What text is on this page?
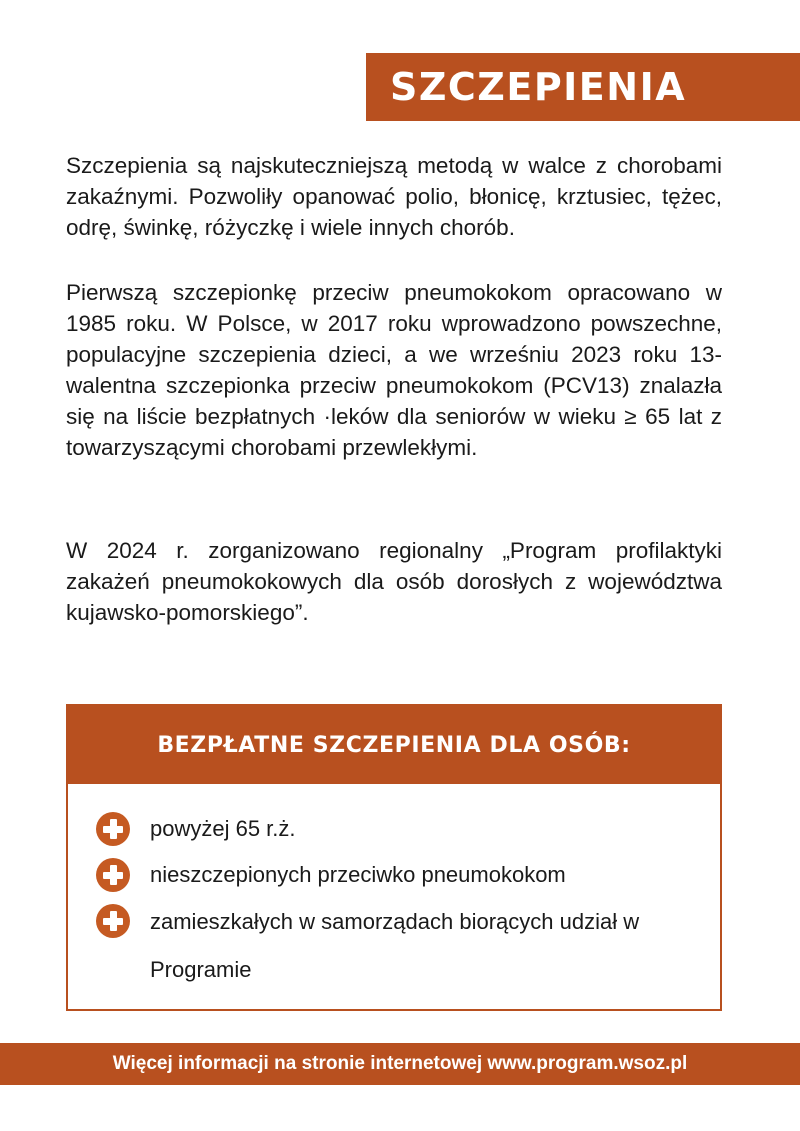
SZCZEPIENIA

Szczepienia są najskuteczniejszą metodą w walce z chorobami zakaźnymi. Pozwoliły opanować polio, błonicę, krztusiec, tężec, odrę, świnkę, różyczkę i wiele innych chorób.

Pierwszą szczepionkę przeciw pneumokokom opracowano w 1985 roku. W Polsce, w 2017 roku wprowadzono powszechne, populacyjne szczepienia dzieci, a we wrześniu 2023 roku 13-walentna szczepionka przeciw pneumokokom (PCV13) znalazła się na liście bezpłatnych ·leków dla seniorów w wieku ≥ 65 lat z towarzyszącymi chorobami przewlekłymi.

W 2024 r. zorganizowano regionalny „Program profilaktyki zakażeń pneumokokowych dla osób dorosłych z województwa kujawsko-pomorskiego”.

BEZPŁATNE SZCZEPIENIA DLA OSÓB:
powyżej 65 r.ż.
nieszczepionych przeciwko pneumokokom
zamieszkałych w samorządach biorących udział w Programie
Więcej informacji na stronie internetowej www.program.wsoz.pl
